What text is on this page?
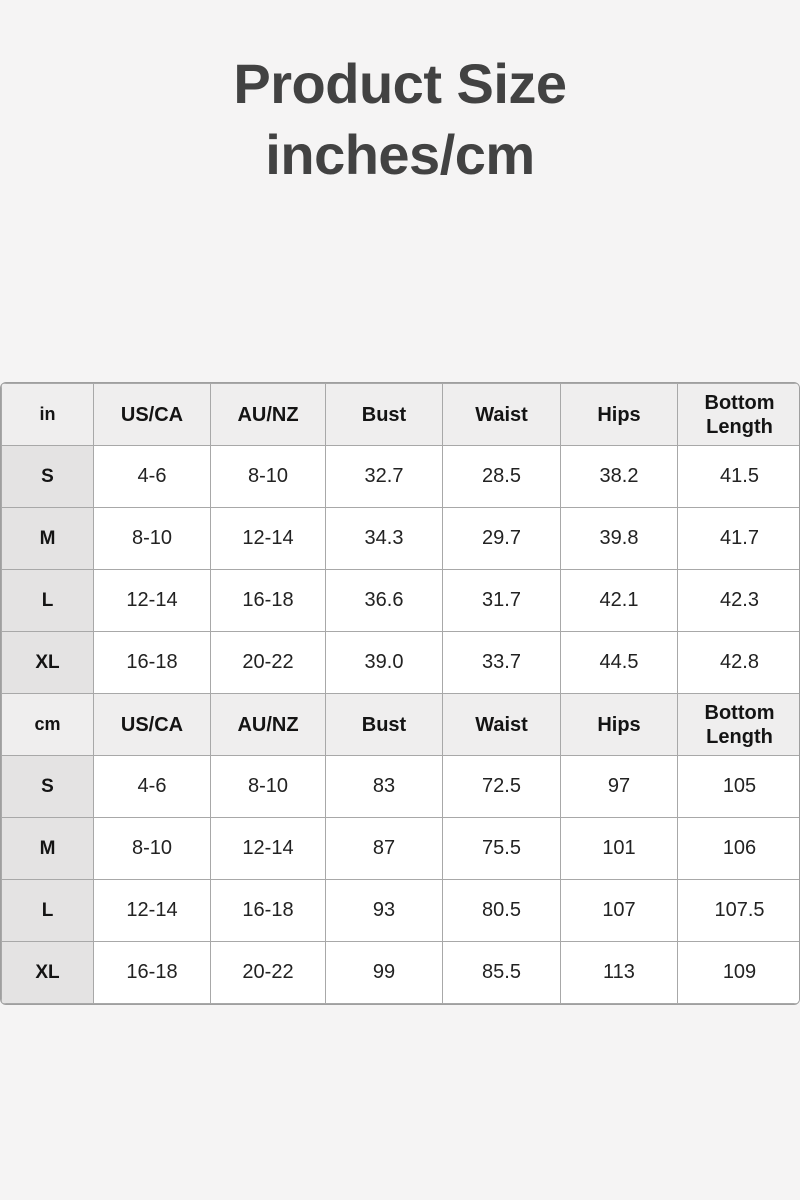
Product Size
inches/cm
in	US/CA	AU/NZ	Bust	Waist	Hips	Bottom Length
S	4-6	8-10	32.7	28.5	38.2	41.5
M	8-10	12-14	34.3	29.7	39.8	41.7
L	12-14	16-18	36.6	31.7	42.1	42.3
XL	16-18	20-22	39.0	33.7	44.5	42.8
cm	US/CA	AU/NZ	Bust	Waist	Hips	Bottom Length
S	4-6	8-10	83	72.5	97	105
M	8-10	12-14	87	75.5	101	106
L	12-14	16-18	93	80.5	107	107.5
XL	16-18	20-22	99	85.5	113	109
